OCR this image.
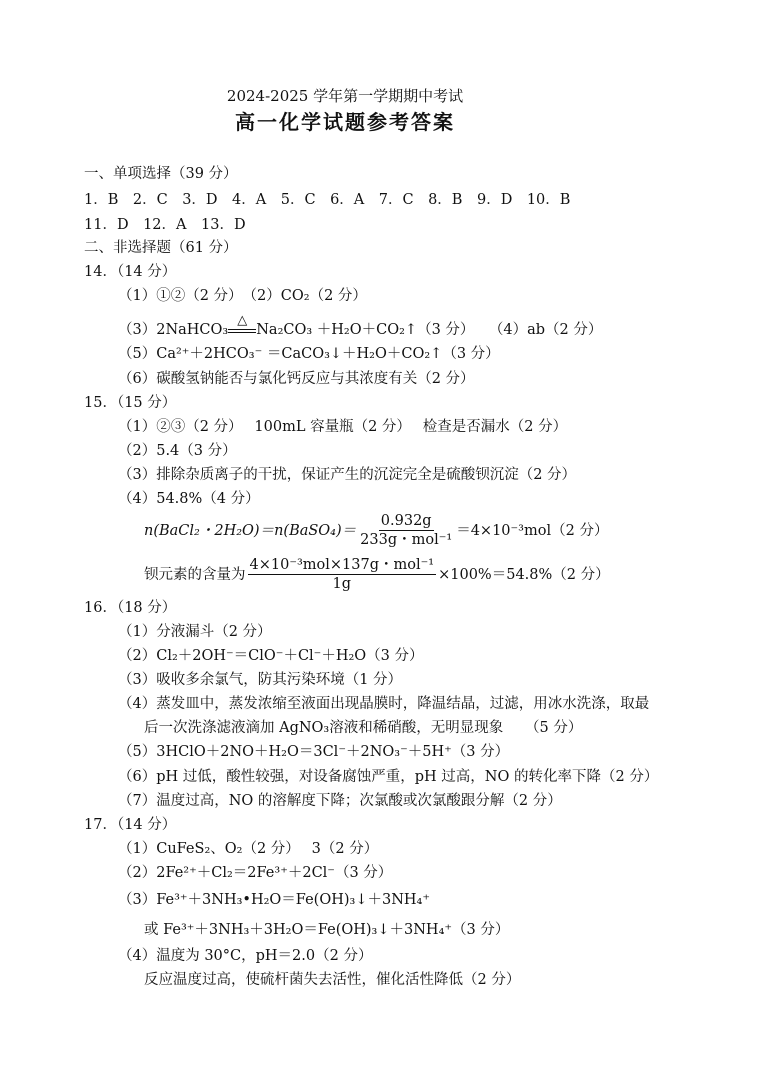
2024-2025 学年第一学期期中考试
高一化学试题参考答案
一、单项选择（39 分）
1．B　2．C　3．D　4．A　5．C　6．A　7．C　8．B　9．D　10．B
11．D　12．A　13．D
二、非选择题（61 分）
14．（14 分）
（1）①②（2 分）　（2）CO₂（2 分）
（3）2NaHCO₃
△
Na₂CO₃ ＋H₂O＋CO₂↑（3 分）　　（4）ab（2 分）
（5）Ca²⁺＋2HCO₃⁻ ＝CaCO₃↓＋H₂O＋CO₂↑（3 分）
（6）碳酸氢钠能否与氯化钙反应与其浓度有关（2 分）
15．（15 分）
（1）②③（2 分）　 100mL 容量瓶（2 分）　 检查是否漏水（2 分）
（2）5.4（3 分）
（3）排除杂质离子的干扰，保证产生的沉淀完全是硫酸钡沉淀（2 分）
（4）54.8%（4 分）
n(BaCl₂・2H₂O)＝n(BaSO₄)＝ $\frac{0.932g}{\text{233g・mol⁻¹}} =4\times 10^{-3}mol(2$ 分）
钡元素的含量为 $\frac{\text{4×10⁻³mol×137g・mol⁻¹}}{1g} \times 100\%=54.8\%(2$ 分）
16．（18 分）
（1）分液漏斗（2 分）
（2）Cl₂＋2OH⁻＝ClO⁻＋Cl⁻＋H₂O（3 分）
（3）吸收多余氯气，防其污染环境（1 分）
（4）蒸发皿中，蒸发浓缩至液面出现晶膜时，降温结晶，过滤，用冰水洗涤，取最
后一次洗涤滤液滴加 AgNO₃溶液和稀硝酸，无明显现象　　（5 分）
（5）3HClO＋2NO＋H₂O＝3Cl⁻＋2NO₃⁻＋5H⁺（3 分）
（6）pH 过低，酸性较强，对设备腐蚀严重，pH 过高，NO 的转化率下降（2 分）
（7）温度过高，NO 的溶解度下降；次氯酸或次氯酸跟分解（2 分）
17．（14 分）
（1）CuFeS₂、O₂（2 分）　 3（2 分）
（2）2Fe²⁺＋Cl₂＝2Fe³⁺＋2Cl⁻（3 分）
（3）Fe³⁺＋3NH₃•H₂O＝Fe(OH)₃↓＋3NH₄⁺
或 Fe³⁺＋3NH₃＋3H₂O＝Fe(OH)₃↓＋3NH₄⁺（3 分）
（4）温度为 30°C，pH＝2.0（2 分）
反应温度过高，使硫杆菌失去活性，催化活性降低（2 分）
